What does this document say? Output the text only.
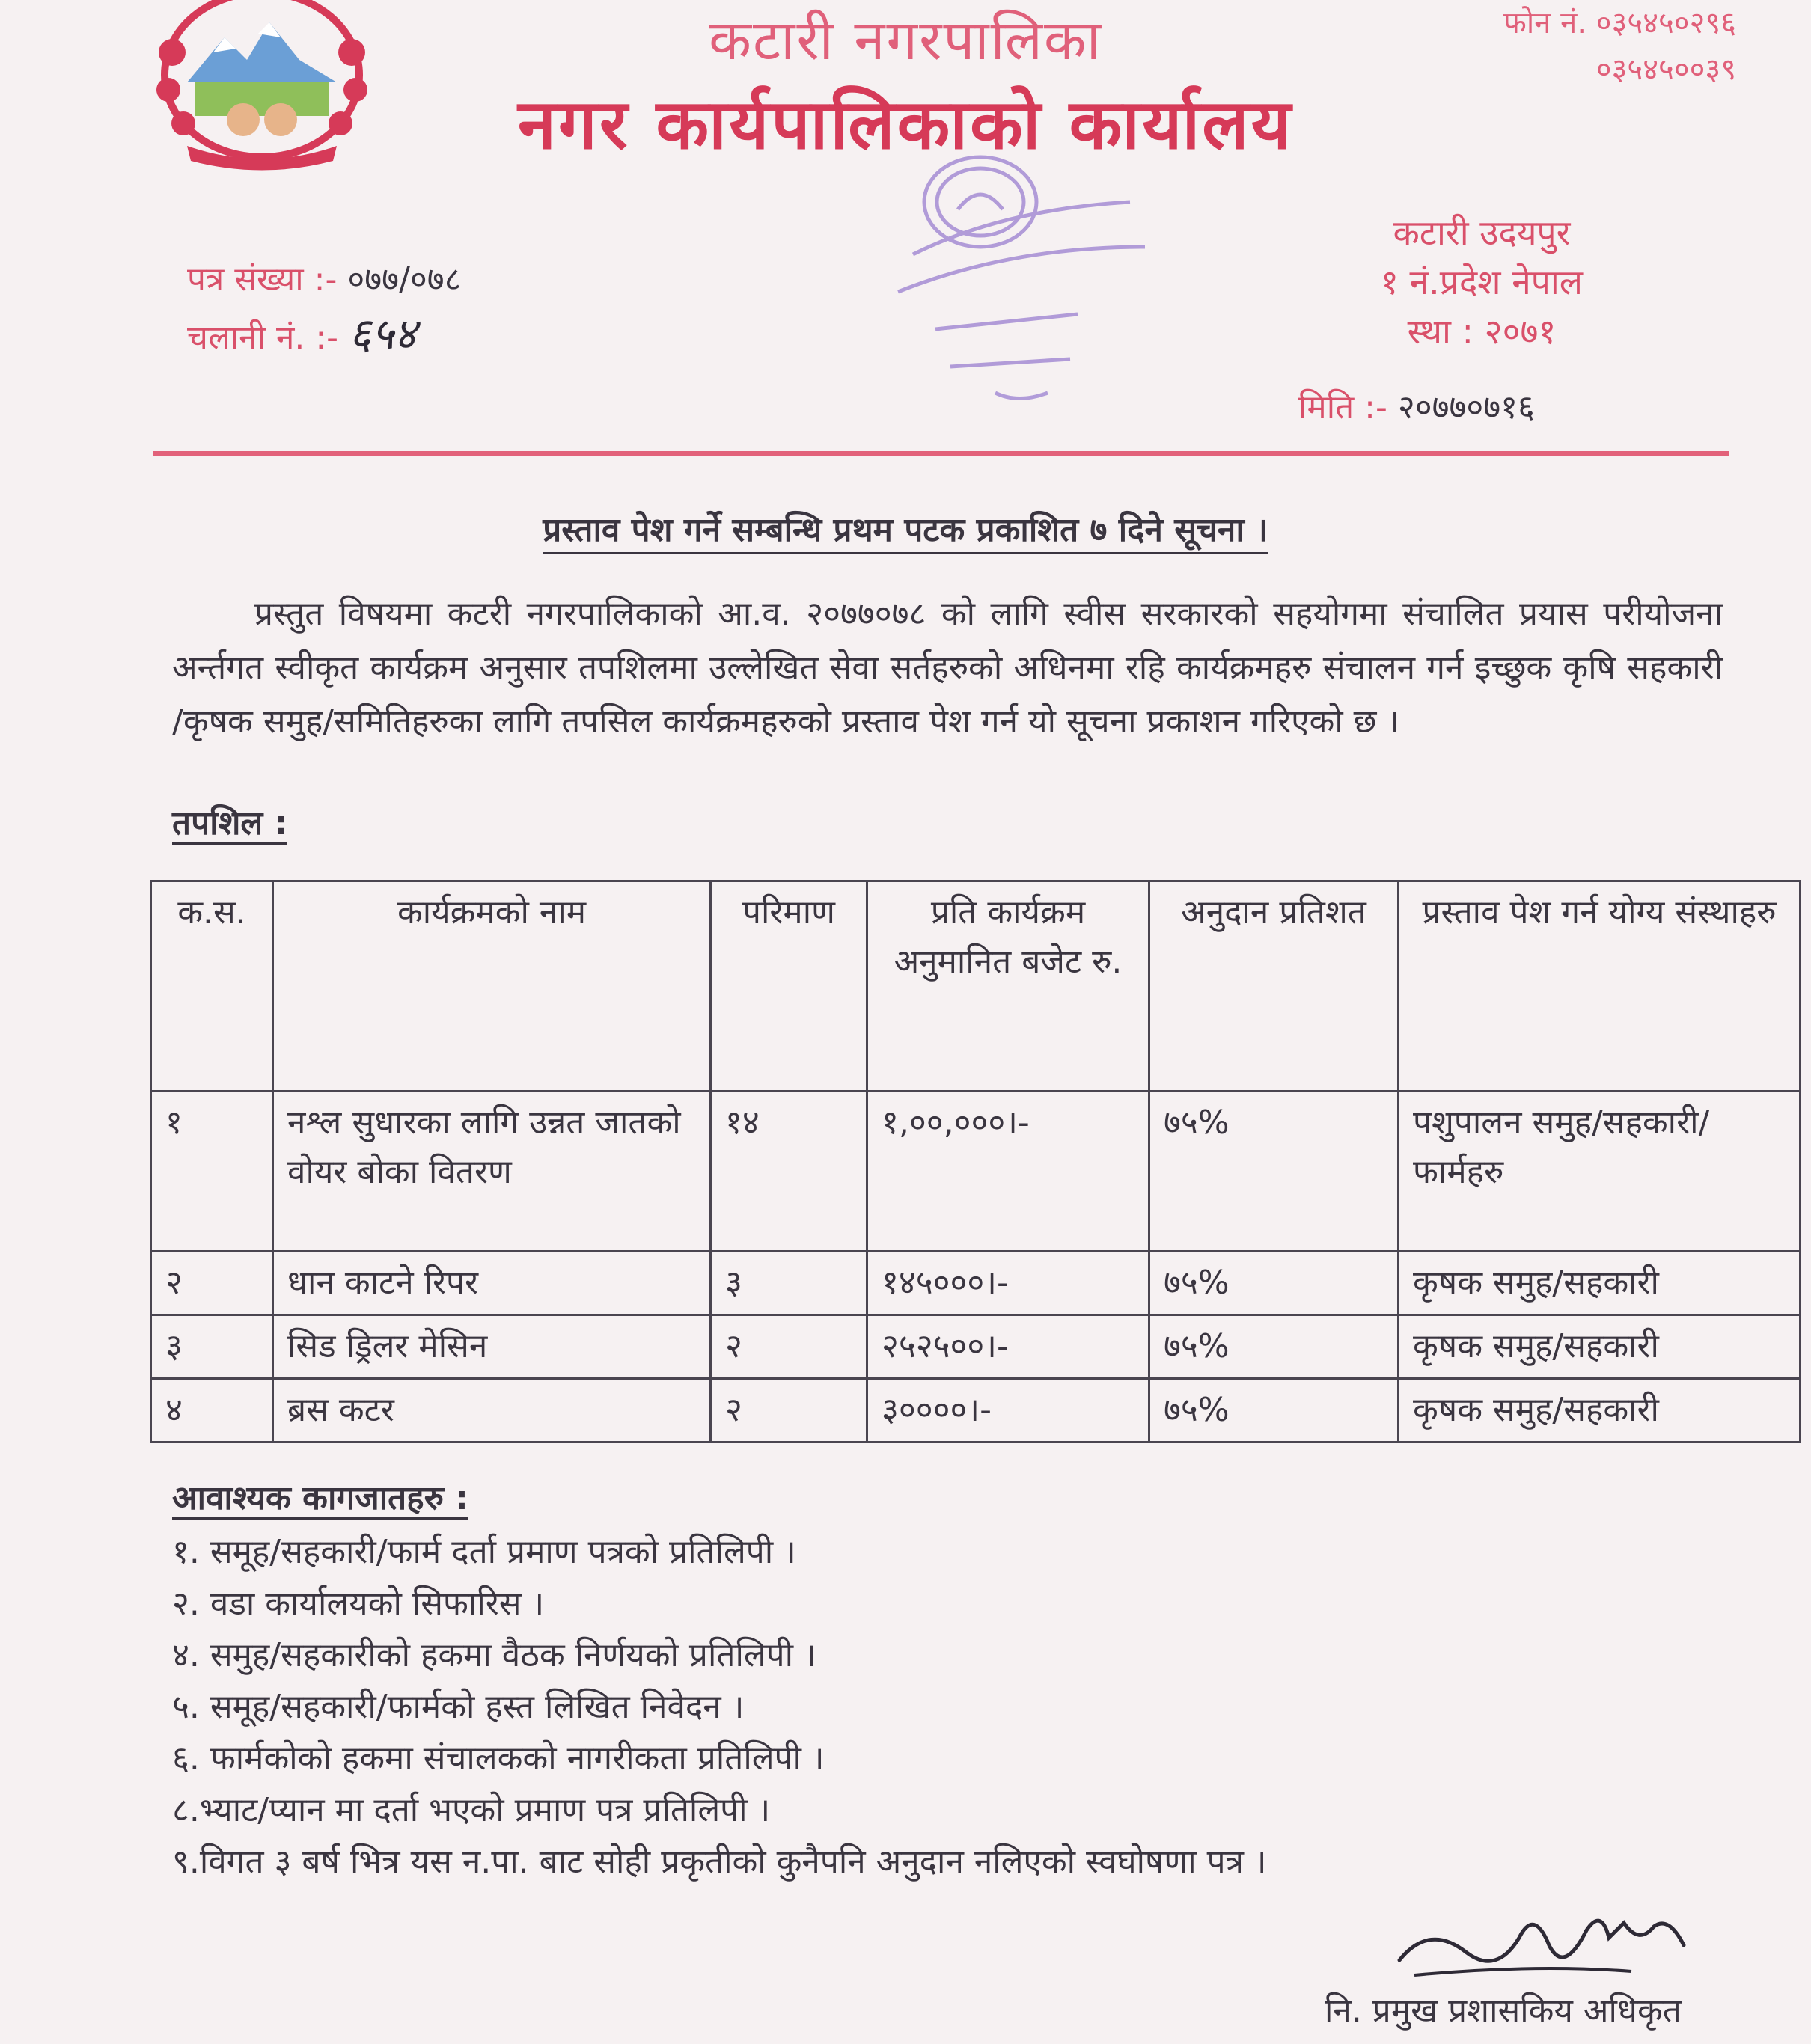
कटारी नगरपालिका
नगर कार्यपालिकाको कार्यालय
फोन नं. ०३५४५०२९६
०३५४५००३९
कटारी उदयपुर
१ नं.प्रदेश नेपाल
स्था : २०७१
पत्र संख्या :- ०७७/०७८
चलानी नं. :- ६५४
मिति :- २०७७०७१६
प्रस्ताव पेश गर्ने सम्बन्धि प्रथम पटक प्रकाशित ७ दिने सूचना ।
प्रस्तुत विषयमा कटरी नगरपालिकाको आ.व. २०७७०७८ को लागि स्वीस सरकारको सहयोगमा संचालित प्रयास परीयोजना अर्न्तगत स्वीकृत कार्यक्रम अनुसार तपशिलमा उल्लेखित सेवा सर्तहरुको अधिनमा रहि कार्यक्रमहरु संचालन गर्न इच्छुक कृषि सहकारी /कृषक समुह/समितिहरुका लागि तपसिल कार्यक्रमहरुको प्रस्ताव पेश गर्न यो सूचना प्रकाशन गरिएको छ ।
तपशिल :
क.स.	कार्यक्रमको नाम	परिमाण	प्रति कार्यक्रम अनुमानित बजेट रु.	अनुदान प्रतिशत	प्रस्ताव पेश गर्न योग्य संस्थाहरु
१	नश्ल सुधारका लागि उन्नत जातको वोयर बोका वितरण	१४	१,००,०००।-	७५%	पशुपालन समुह/सहकारी/फार्महरु
२	धान काटने रिपर	३	१४५०००।-	७५%	कृषक समुह/सहकारी
३	सिड ड्रिलर मेसिन	२	२५२५००।-	७५%	कृषक समुह/सहकारी
४	ब्रस कटर	२	३००००।-	७५%	कृषक समुह/सहकारी
आवाश्यक कागजातहरु :
१. समूह/सहकारी/फार्म दर्ता प्रमाण पत्रको प्रतिलिपी ।
२. वडा कार्यालयको सिफारिस ।
४. समुह/सहकारीको हकमा वैठक निर्णयको प्रतिलिपी ।
५. समूह/सहकारी/फार्मको हस्त लिखित निवेदन ।
६. फार्मकोको हकमा संचालकको नागरीकता प्रतिलिपी ।
८.भ्याट/प्यान मा दर्ता भएको प्रमाण पत्र प्रतिलिपी ।
९.विगत ३ बर्ष भित्र यस न.पा. बाट सोही प्रकृतीको कुनैपनि अनुदान नलिएको स्वघोषणा पत्र ।
नि. प्रमुख प्रशासकिय अधिकृत
